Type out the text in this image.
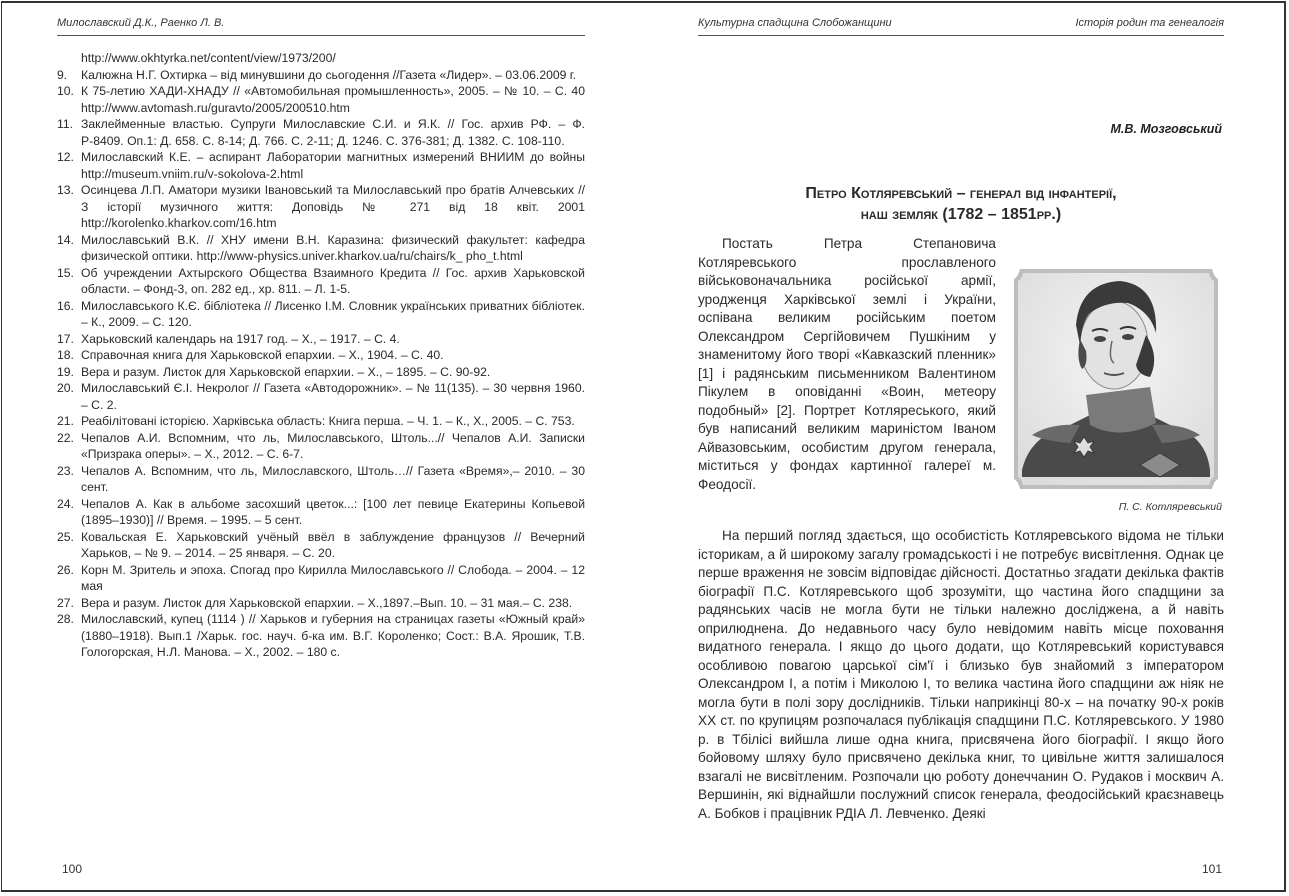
Милославский Д.К., Раенко Л. В.
http://www.okhtyrka.net/content/view/1973/200/
9. Калюжна Н.Г. Охтирка – від минувшини до сьогодення //Газета «Лидер». – 03.06.2009 г.
10. К 75-летию ХАДИ-ХНАДУ // «Автомобильная промышленность», 2005. – № 10. – С. 40 http://www.avtomash.ru/guravto/2005/200510.htm
11. Заклейменные властью. Супруги Милославские С.И. и Я.К. // Гос. архив РФ. – Ф. Р-8409. Оп.1: Д. 658. С. 8-14; Д. 766. С. 2-11; Д. 1246. С. 376-381; Д. 1382. С. 108-110.
12. Милославский К.Е. – аспирант Лаборатории магнитных измерений ВНИИМ до войны http://museum.vniim.ru/v-sokolova-2.html
13. Осинцева Л.П. Аматори музики Івановський та Милославський про братів Алчевських // З історії музичного життя: Доповідь № 271 від 18 квіт. 2001 http://korolenko.kharkov.com/16.htm
14. Милославський В.К. // ХНУ имени В.Н. Каразина: физический факультет: кафедра физической оптики. http://www-physics.univer.kharkov.ua/ru/chairs/k_ pho_t.html
15. Об учреждении Ахтырского Общества Взаимного Кредита // Гос. архив Харьковской области. – Фонд-3, оп. 282 ед., хр. 811. – Л. 1-5.
16. Милославського К.Є. бібліотека // Лисенко І.М. Словник українських приватних бібліотек. – К., 2009. – С. 120.
17. Харьковский календарь на 1917 год. – Х., – 1917. – С. 4.
18. Справочная книга для Харьковской епархии. – Х., 1904. – С. 40.
19. Вера и разум. Листок для Харьковской епархии. – Х., – 1895. – С. 90-92.
20. Милославський Є.І. Некролог // Газета «Автодорожник». – № 11(135). – 30 червня 1960. – С. 2.
21. Реабілітовані історією. Харківська область: Книга перша. – Ч. 1. – К., Х., 2005. – С. 753.
22. Чепалов А.И. Вспомним, что ль, Милославського, Штоль...// Чепалов А.И. Записки «Призрака оперы». – Х., 2012. – С. 6-7.
23. Чепалов А. Вспомним, что ль, Милославского, Штоль…// Газета «Время»,– 2010. – 30 сент.
24. Чепалов А. Как в альбоме засохший цветок...: [100 лет певице Екатерины Копьевой (1895–1930)] // Время. – 1995. – 5 сент.
25. Ковальская Е. Харьковский учёный ввёл в заблуждение французов // Вечерний Харьков, – № 9. – 2014. – 25 января. – С. 20.
26. Корн М. Зритель и эпоха. Спогад про Кирилла Милославського // Слобода. – 2004. – 12 мая
27. Вера и разум. Листок для Харьковской епархии. – Х.,1897.–Вып. 10. – 31 мая.– С. 238.
28. Милославский, купец (1114 ) // Харьков и губерния на страницах газеты «Южный край» (1880–1918). Вып.1 /Харьк. гос. науч. б-ка им. В.Г. Короленко; Сост.: В.А. Ярошик, Т.В. Гологорская, Н.Л. Манова. – Х., 2002. – 180 с.
100
Культурна спадщина Слобожанщини	Історія родин та генеалогія
М.В. Мозговський
Петро Котляревський – генерал від інфантерії,
наш земляк (1782 – 1851рр.)

Постать Петра Степановича Котляревського прославленого військовоначальника російської армії, уродженця Харківської землі і України, оспівана великим російським поетом Олександром Сергійовичем Пушкіним у знаменитому його творі «Кавказский пленник» [1] і радянським письменником Валентином Пікулем в оповіданні «Воин, метеору подобный» [2]. Портрет Котляреського, який був написаний великим мариністом Іваном Айвазовським, особистим другом генерала, міститься у фондах картинної галереї м. Феодосії.

П. С. Котляревський

На перший погляд здається, що особистість Котляревського відома не тільки історикам, а й широкому загалу громадськості і не потребує висвітлення. Однак це перше враження не зовсім відповідає дійсності. Достатньо згадати декілька фактів біографії П.С. Котляревського щоб зрозуміти, що частина його спадщини за радянських часів не могла бути не тільки належно досліджена, а й навіть оприлюднена. До недавнього часу було невідомим навіть місце поховання видатного генерала. І якщо до цього додати, що Котляревський користувався особливою повагою царської сім'ї і близько був знайомий з імператором Олександром І, а потім і Миколою І, то велика частина його спадщини аж ніяк не могла бути в полі зору дослідників. Тільки наприкінці 80-х – на початку 90-х років XX ст. по крупицям розпочалася публікація спадщини П.С. Котляревського. У 1980 р. в Тбілісі вийшла лише одна книга, присвячена його біографії. І якщо його бойовому шляху було присвячено декілька книг, то цивільне життя залишалося взагалі не висвітленим. Розпочали цю роботу донеччанин О. Рудаков і москвич А. Вершинін, які віднайшли послужний список генерала, феодосійський краєзнавець А. Бобков і працівник РДІА Л. Левченко. Деякі

101
